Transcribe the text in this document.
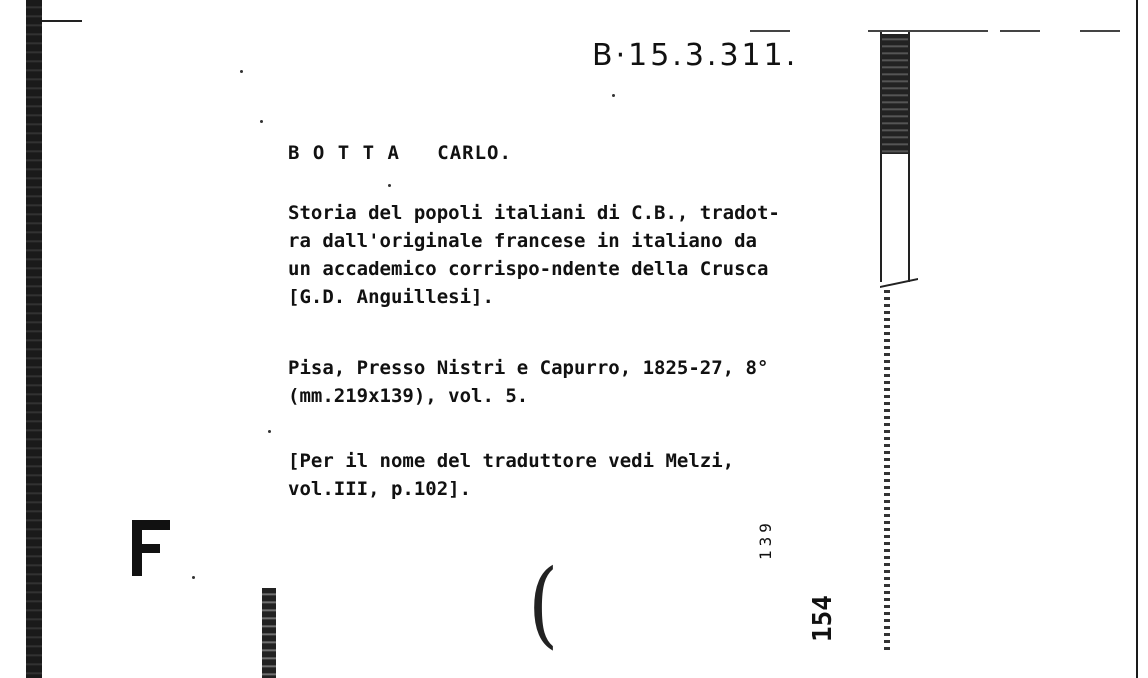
B·15.3.311.
B O T T A   CARLO.
Storia del popoli italiani di C.B., tradot-
ra dall'originale francese in italiano da
un accademico corrispo-ndente della Crusca
[G.D. Anguillesi].
Pisa, Presso Nistri e Capurro, 1825-27, 8°
(mm.219x139), vol. 5.
[Per il nome del traduttore vedi Melzi,
vol.III, p.102].
(
139
154
